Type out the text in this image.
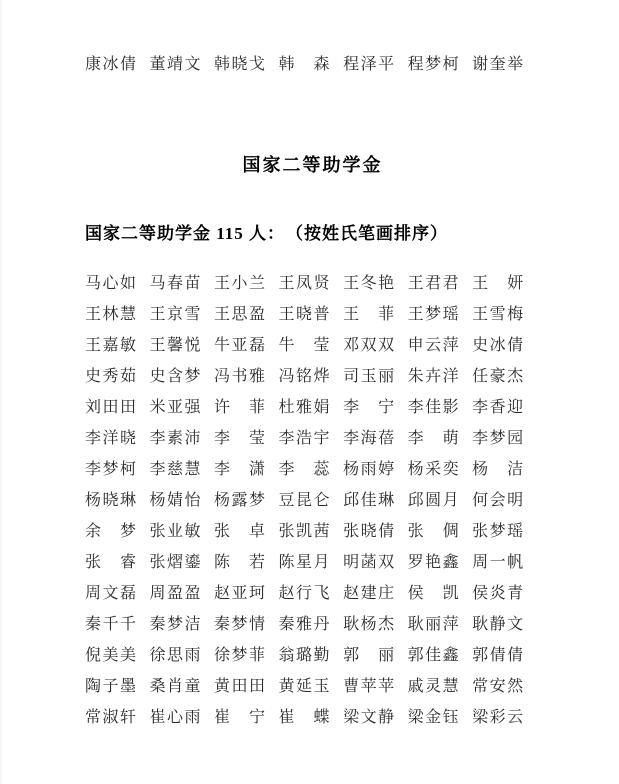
康冰倩 董靖文 韩晓戈 韩　森 程泽平 程梦柯 谢奎举
国家二等助学金
国家二等助学金 115 人：　（按姓氏笔画排序）
马心如 马春苗 王小兰 王凤贤 王冬艳 王君君 王　妍
王林慧 王京雪 王思盈 王晓普 王　菲 王梦瑶 王雪梅
王嘉敏 王馨悦 牛亚磊 牛　莹 邓双双 申云萍 史冰倩
史秀茹 史含梦 冯书雅 冯铭烨 司玉丽 朱卉洋 任豪杰
刘田田 米亚强 许　菲 杜雅娟 李　宁 李佳影 李香迎
李洋晓 李素沛 李　莹 李浩宇 李海蓓 李　萌 李梦园
李梦柯 李慈慧 李　潇 李　蕊 杨雨婷 杨采奕 杨　洁
杨晓琳 杨婧怡 杨露梦 豆昆仑 邱佳琳 邱圆月 何会明
余　梦 张业敏 张　卓 张凯茜 张晓倩 张　倜 张梦瑶
张　睿 张熠鎏 陈　若 陈星月 明菡双 罗艳鑫 周一帆
周文磊 周盈盈 赵亚珂 赵行飞 赵建庄 侯　凯 侯炎青
秦千千 秦梦洁 秦梦情 秦雅丹 耿杨杰 耿丽萍 耿静文
倪美美 徐思雨 徐梦菲 翁璐勤 郭　丽 郭佳鑫 郭倩倩
陶子墨 桑肖童 黄田田 黄延玉 曹苹苹 戚灵慧 常安然
常淑轩 崔心雨 崔　宁 崔　蝶 梁文静 梁金钰 梁彩云
